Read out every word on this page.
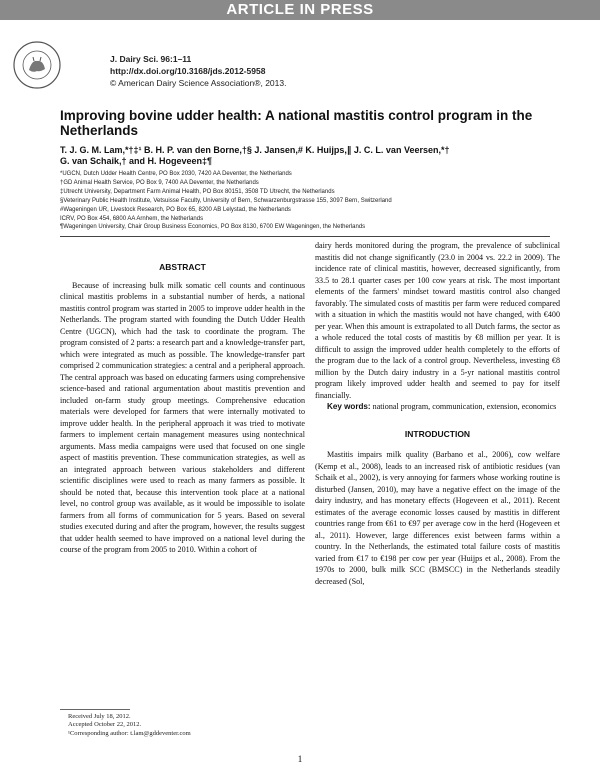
ARTICLE IN PRESS
J. Dairy Sci. 96:1–11
http://dx.doi.org/10.3168/jds.2012-5958
© American Dairy Science Association®, 2013.
Improving bovine udder health: A national mastitis control program in the Netherlands
T. J. G. M. Lam,*†‡¹ B. H. P. van den Borne,†§ J. Jansen,# K. Huijps,∥ J. C. L. van Veersen,*†
G. van Schaik,† and H. Hogeveen‡¶
*UGCN, Dutch Udder Health Centre, PO Box 2030, 7420 AA Deventer, the Netherlands
†GD Animal Health Service, PO Box 9, 7400 AA Deventer, the Netherlands
‡Utrecht University, Department Farm Animal Health, PO Box 80151, 3508 TD Utrecht, the Netherlands
§Veterinary Public Health Institute, Vetsuisse Faculty, University of Bern, Schwarzenburgstrasse 155, 3097 Bern, Switzerland
#Wageningen UR, Livestock Research, PO Box 65, 8200 AB Lelystad, the Netherlands
ICRV, PO Box 454, 6800 AA Arnhem, the Netherlands
¶Wageningen University, Chair Group Business Economics, PO Box 8130, 6700 EW Wageningen, the Netherlands
ABSTRACT

Because of increasing bulk milk somatic cell counts and continuous clinical mastitis problems in a substantial number of herds, a national mastitis control program was started in 2005 to improve udder health in the Netherlands. The program started with founding the Dutch Udder Health Centre (UGCN), which had the task to coordinate the program. The program consisted of 2 parts: a research part and a knowledge-transfer part, which were integrated as much as possible. The knowledge-transfer part comprised 2 communication strategies: a central and a peripheral approach. The central approach was based on educating farmers using comprehensive science-based and rational argumentation about mastitis prevention and included on-farm study group meetings. Comprehensive education materials were developed for farmers that were internally motivated to improve udder health. In the peripheral approach it was tried to motivate farmers to implement certain management measures using nontechnical arguments. Mass media campaigns were used that focused on one single aspect of mastitis prevention. These communication strategies, as well as an integrated approach between various stakeholders and different scientific disciplines were used to reach as many farmers as possible. It should be noted that, because this intervention took place at a national level, no control group was available, as it would be impossible to isolate farmers from all forms of communication for 5 years. Based on several studies executed during and after the program, however, the results suggest that udder health seemed to have improved on a national level during the course of the program from 2005 to 2010. Within a cohort of

dairy herds monitored during the program, the prevalence of subclinical mastitis did not change significantly (23.0 in 2004 vs. 22.2 in 2009). The incidence rate of clinical mastitis, however, decreased significantly, from 33.5 to 28.1 quarter cases per 100 cow years at risk. The most important elements of the farmers' mindset toward mastitis control also changed favorably. The simulated costs of mastitis per farm were reduced compared with a situation in which the mastitis would not have changed, with €400 per year. When this amount is extrapolated to all Dutch farms, the sector as a whole reduced the total costs of mastitis by €8 million per year. It is difficult to assign the improved udder health completely to the efforts of the program due to the lack of a control group. Nevertheless, investing €8 million by the Dutch dairy industry in a 5-yr national mastitis control program likely improved udder health and seemed to pay for itself financially.

Key words: national program, communication, extension, economics

INTRODUCTION

Mastitis impairs milk quality (Barbano et al., 2006), cow welfare (Kemp et al., 2008), leads to an increased risk of antibiotic residues (van Schaik et al., 2002), is very annoying for farmers whose working routine is disturbed (Jansen, 2010), may have a negative effect on the image of the dairy industry, and has monetary effects (Hogeveen et al., 2011). Recent estimates of the average economic losses caused by mastitis in different countries range from €61 to €97 per average cow in the herd (Hogeveen et al., 2011). However, large differences exist between farms within a country. In the Netherlands, the estimated total failure costs of mastitis varied from €17 to €198 per cow per year (Huijps et al., 2008). From the 1970s to 2000, bulk milk SCC (BMSCC) in the Netherlands steadily decreased (Sol,

Received July 18, 2012.
Accepted October 22, 2012.
¹Corresponding author: t.lam@gddeventer.com
1
